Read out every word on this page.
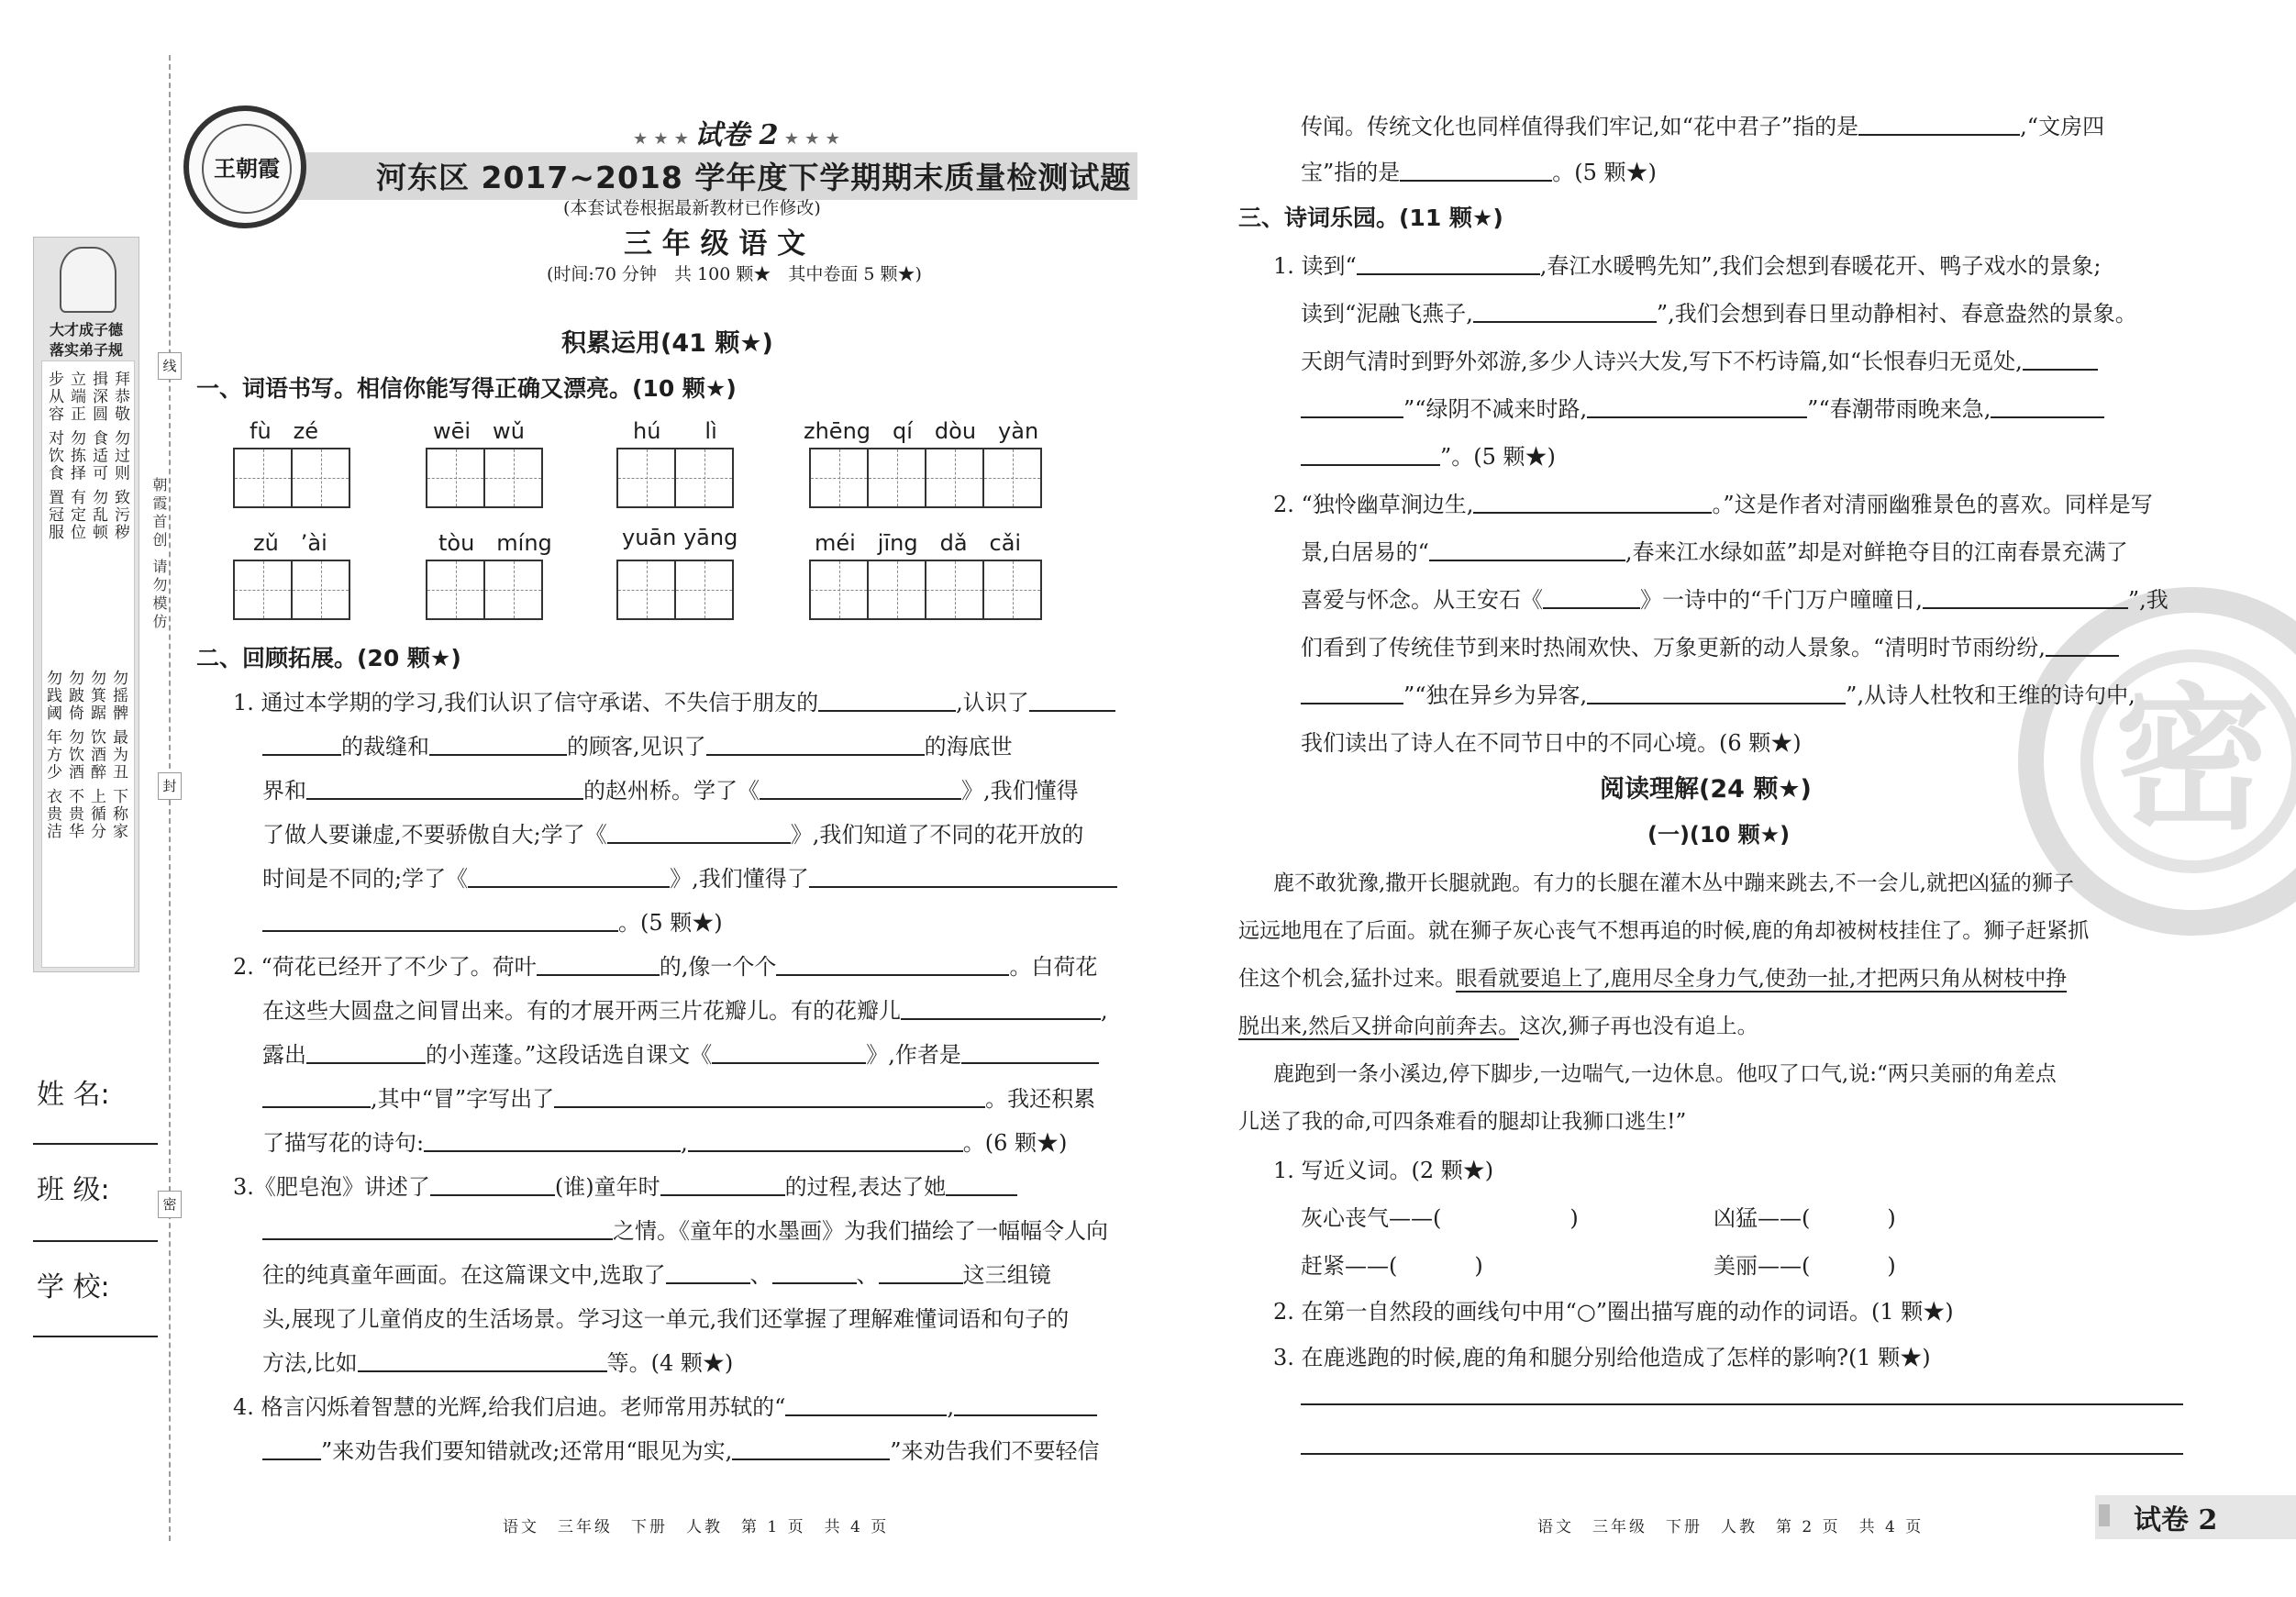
线
封
密
朝霞首创 请勿模仿
大才成子德
落实弟子规
步从容 对饮食 置冠服 立端正 勿拣择 有定位 揖深圆 食适可 勿乱顿 拜恭敬 勿过则 致污秽
勿践阈 年方少 衣贵洁 勿跛倚 勿饮酒 不贵华 勿箕踞 饮酒醉 上循分 勿摇髀 最为丑 下称家
姓 名:
班 级:
学 校:
王朝霞
★ ★ ★ 试卷 2 ★ ★ ★
河东区 2017~2018 学年度下学期期末质量检测试题
(本套试卷根据最新教材已作修改)
三 年 级 语 文
(时间:70 分钟　共 100 颗★　其中卷面 5 颗★)
积累运用(41 颗★)
一、词语书写。相信你能写得正确又漂亮。(10 颗★)
fù　zé	wēi　wǔ	hú　　lì	zhēng　qí　dòu　yàn
zǔ　’ài	tòu　míng	yuān yāng	méi　jīng　dǎ　cǎi
二、回顾拓展。(20 颗★)
1. 通过本学期的学习,我们认识了信守承诺、不失信于朋友的	,认识了
的裁缝和	的顾客,见识了	的海底世
界和	的赵州桥。学了《	》,我们懂得
了做人要谦虚,不要骄傲自大;学了《	》,我们知道了不同的花开放的
时间是不同的;学了《	》,我们懂得了
。(5 颗★)
2. “荷花已经开了不少了。荷叶	的,像一个个	。白荷花
在这些大圆盘之间冒出来。有的才展开两三片花瓣儿。有的花瓣儿	,
露出	的小莲蓬。”这段话选自课文《	》,作者是
,其中“冒”字写出了	。我还积累
了描写花的诗句:	,	。(6 颗★)
3.《肥皂泡》讲述了	(谁)童年时	的过程,表达了她
之情。《童年的水墨画》为我们描绘了一幅幅令人向
往的纯真童年画面。在这篇课文中,选取了	、	、	这三组镜
头,展现了儿童俏皮的生活场景。学习这一单元,我们还掌握了理解难懂词语和句子的
方法,比如	等。(4 颗★)
4. 格言闪烁着智慧的光辉,给我们启迪。老师常用苏轼的“	,
”来劝告我们要知错就改;还常用“眼见为实,	”来劝告我们不要轻信
语文　三年级　下册　人教　第 1 页　共 4 页
密
传闻。传统文化也同样值得我们牢记,如“花中君子”指的是	,“文房四
宝”指的是	。(5 颗★)
三、诗词乐园。(11 颗★)
1. 读到“	,春江水暖鸭先知”,我们会想到春暖花开、鸭子戏水的景象;
读到“泥融飞燕子,	”,我们会想到春日里动静相衬、春意盎然的景象。
天朗气清时到野外郊游,多少人诗兴大发,写下不朽诗篇,如“长恨春归无觅处,
”“绿阴不减来时路,	”“春潮带雨晚来急,
”。(5 颗★)
2. “独怜幽草涧边生,	。”这是作者对清丽幽雅景色的喜欢。同样是写
景,白居易的“	,春来江水绿如蓝”却是对鲜艳夺目的江南春景充满了
喜爱与怀念。从王安石《	》一诗中的“千门万户曈曈日,	”,我
们看到了传统佳节到来时热闹欢快、万象更新的动人景象。“清明时节雨纷纷,
”“独在异乡为异客,	”,从诗人杜牧和王维的诗句中,
我们读出了诗人在不同节日中的不同心境。(6 颗★)
阅读理解(24 颗★)
(一)(10 颗★)
鹿不敢犹豫,撒开长腿就跑。有力的长腿在灌木丛中蹦来跳去,不一会儿,就把凶猛的狮子
远远地甩在了后面。就在狮子灰心丧气不想再追的时候,鹿的角却被树枝挂住了。狮子赶紧抓
住这个机会,猛扑过来。眼看就要追上了,鹿用尽全身力气,使劲一扯,才把两只角从树枝中挣
脱出来,然后又拼命向前奔去。这次,狮子再也没有追上。
鹿跑到一条小溪边,停下脚步,一边喘气,一边休息。他叹了口气,说:“两只美丽的角差点
儿送了我的命,可四条难看的腿却让我狮口逃生!”
1. 写近义词。(2 颗★)
灰心丧气——(	)	凶猛——(	)
赶紧——(	)	美丽——(	)
2. 在第一自然段的画线句中用“○”圈出描写鹿的动作的词语。(1 颗★)
3. 在鹿逃跑的时候,鹿的角和腿分别给他造成了怎样的影响?(1 颗★)
语文　三年级　下册　人教　第 2 页　共 4 页	试卷 2
